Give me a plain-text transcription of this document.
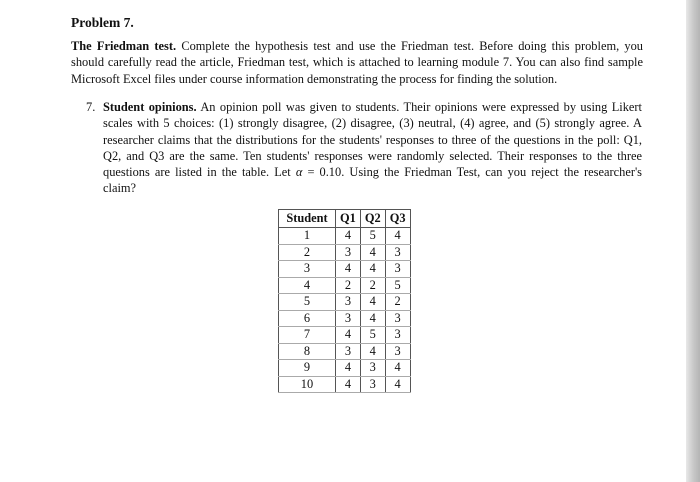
Problem 7.
The Friedman test. Complete the hypothesis test and use the Friedman test. Before doing this problem, you should carefully read the article, Friedman test, which is attached to learning module 7. You can also find sample Microsoft Excel files under course information demonstrating the process for finding the solution.
7. Student opinions. An opinion poll was given to students. Their opinions were expressed by using Likert scales with 5 choices: (1) strongly disagree, (2) disagree, (3) neutral, (4) agree, and (5) strongly agree. A researcher claims that the distributions for the students' responses to three of the questions in the poll: Q1, Q2, and Q3 are the same. Ten students' responses were randomly selected. Their responses to the three questions are listed in the table. Let α = 0.10. Using the Friedman Test, can you reject the researcher's claim?
Student	Q1	Q2	Q3
1	4	5	4
2	3	4	3
3	4	4	3
4	2	2	5
5	3	4	2
6	3	4	3
7	4	5	3
8	3	4	3
9	4	3	4
10	4	3	4
